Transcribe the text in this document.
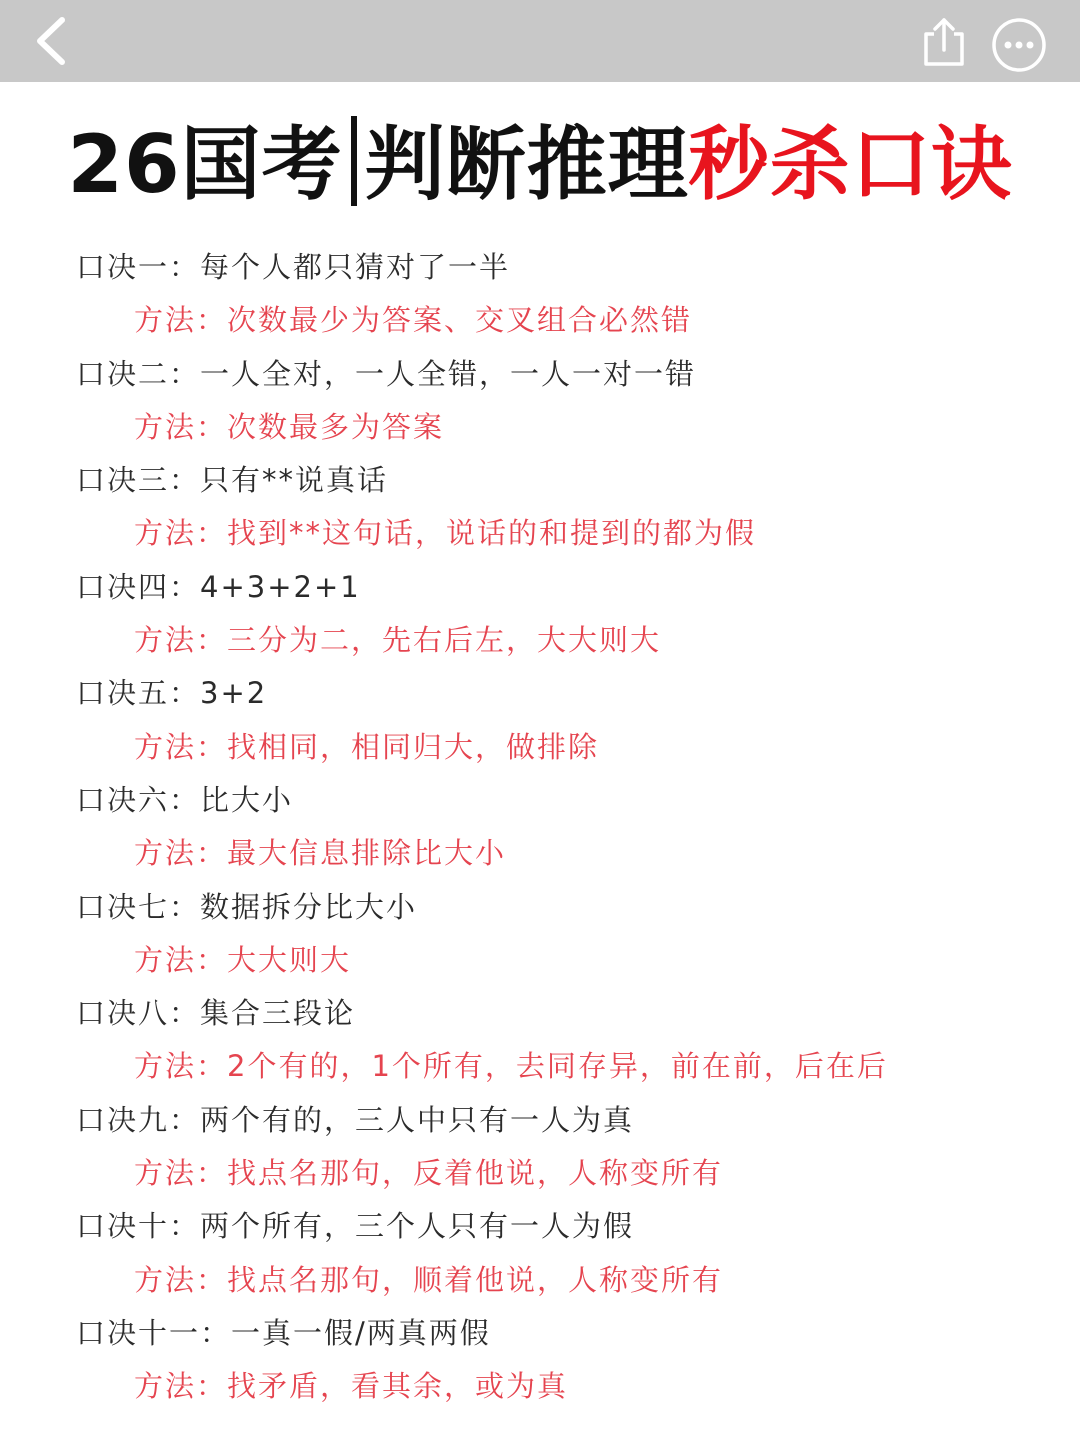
26国考 判断推理秒杀口诀
口决一：每个人都只猜对了一半
方法：次数最少为答案、交叉组合必然错
口决二：一人全对，一人全错，一人一对一错
方法：次数最多为答案
口决三：只有**说真话
方法：找到**这句话，说话的和提到的都为假
口决四：4+3+2+1
方法：三分为二，先右后左，大大则大
口决五：3+2
方法：找相同，相同归大，做排除
口决六：比大小
方法：最大信息排除比大小
口决七：数据拆分比大小
方法：大大则大
口决八：集合三段论
方法：2个有的，1个所有，去同存异，前在前，后在后
口决九：两个有的，三人中只有一人为真
方法：找点名那句，反着他说，人称变所有
口决十：两个所有，三个人只有一人为假
方法：找点名那句，顺着他说，人称变所有
口决十一：一真一假/两真两假
方法：找矛盾，看其余，或为真
